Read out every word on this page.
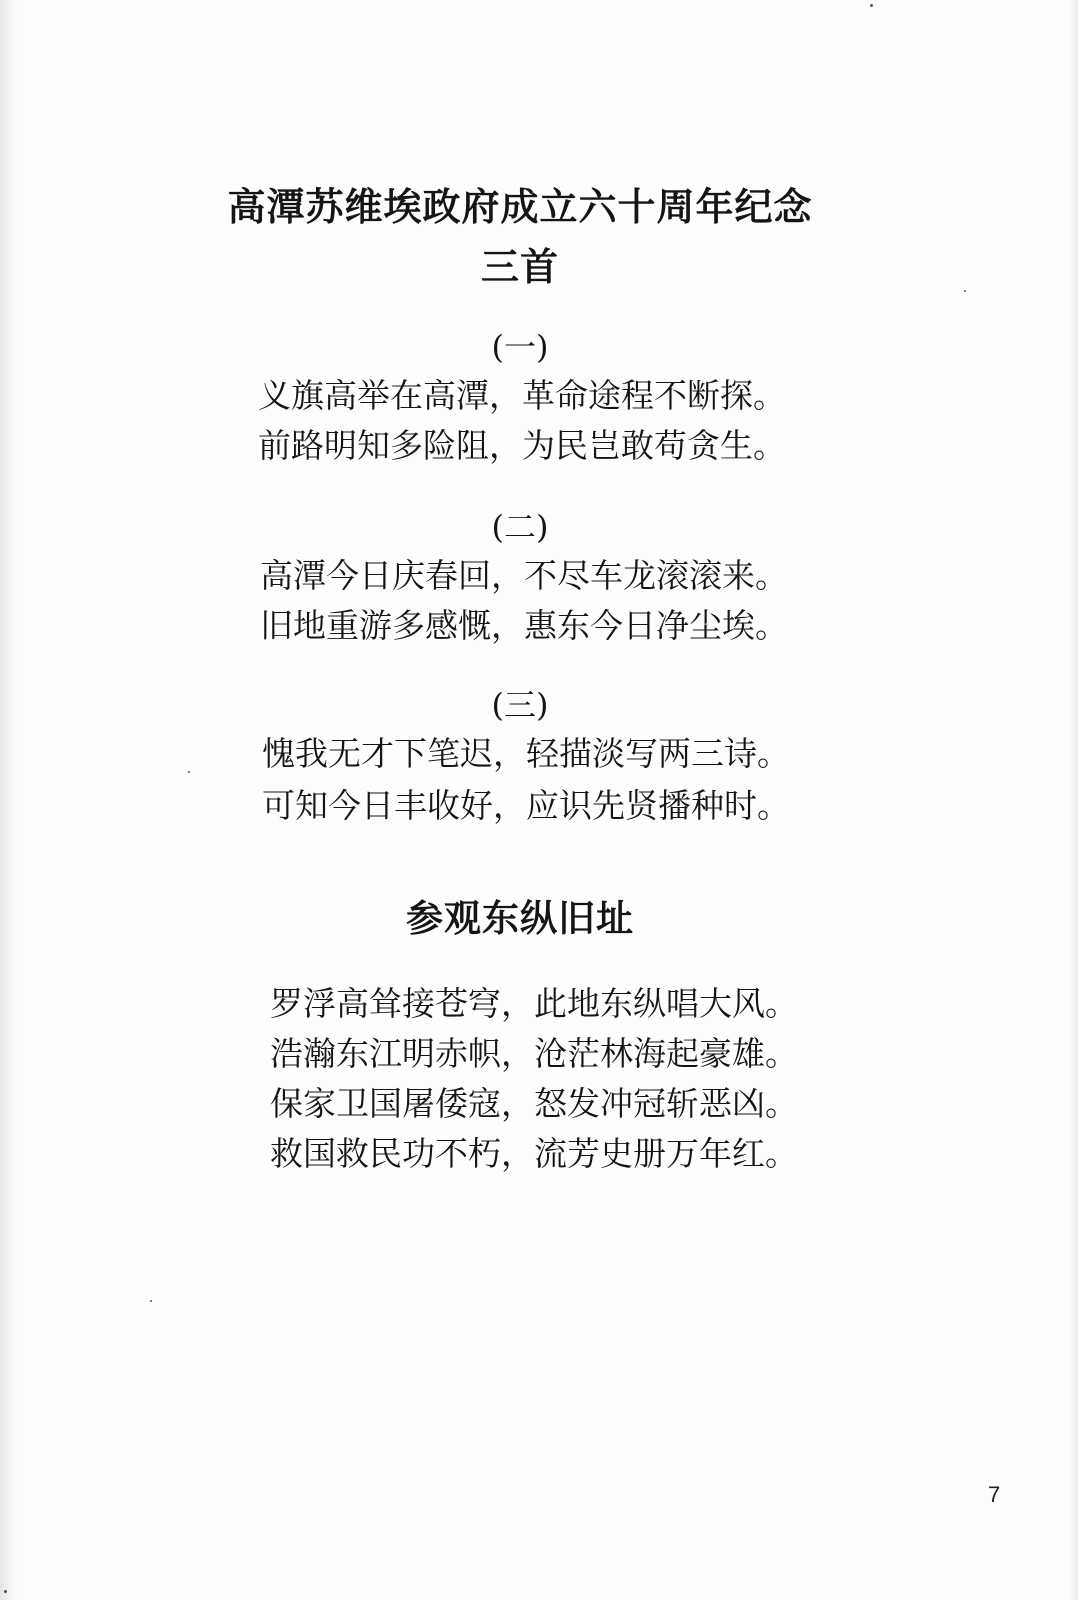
高潭苏维埃政府成立六十周年纪念
三首
(一)
义旗高举在高潭，革命途程不断探。
前路明知多险阻，为民岂敢苟贪生。
(二)
高潭今日庆春回，不尽车龙滚滚来。
旧地重游多感慨，惠东今日净尘埃。
(三)
愧我无才下笔迟，轻描淡写两三诗。
可知今日丰收好，应识先贤播种时。
参观东纵旧址
罗浮高耸接苍穹，此地东纵唱大风。
浩瀚东江明赤帜，沧茫林海起豪雄。
保家卫国屠倭寇，怒发冲冠斩恶凶。
救国救民功不朽，流芳史册万年红。
7
